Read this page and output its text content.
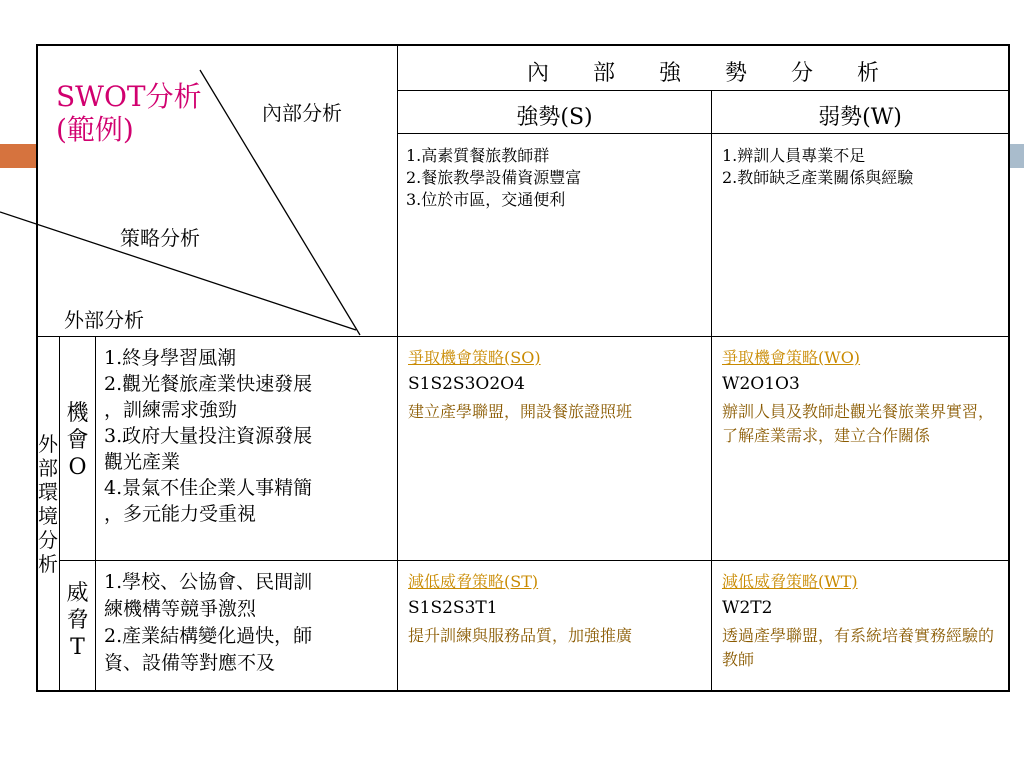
SWOT分析
(範例)	內部分析
策略分析
外部分析
內　　部　　強　　勢　　分　　析
強勢(S)	弱勢(W)
1.高素質餐旅教師群
2.餐旅教學設備資源豐富
3.位於市區，交通便利
1.辨訓人員專業不足
2.教師缺乏產業關係與經驗
外
部
環
境
分
析
機
會
O
1.終身學習風潮
2.觀光餐旅產業快速發展
，訓練需求強勁
3.政府大量投注資源發展
觀光產業
4.景氣不佳企業人事精簡
，多元能力受重視
爭取機會策略(SO)
S1S2S3O2O4
建立產學聯盟，開設餐旅證照班
爭取機會策略(WO)
W2O1O3
辦訓人員及教師赴觀光餐旅業界實習，了解產業需求，建立合作關係
威
脅
T
1.學校、公協會、民間訓
練機構等競爭激烈
2.產業結構變化過快，師
資、設備等對應不及
減低威脅策略(ST)
S1S2S3T1
提升訓練與服務品質，加強推廣
減低威脅策略(WT)
W2T2
透過產學聯盟，有系統培養實務經驗的教師
